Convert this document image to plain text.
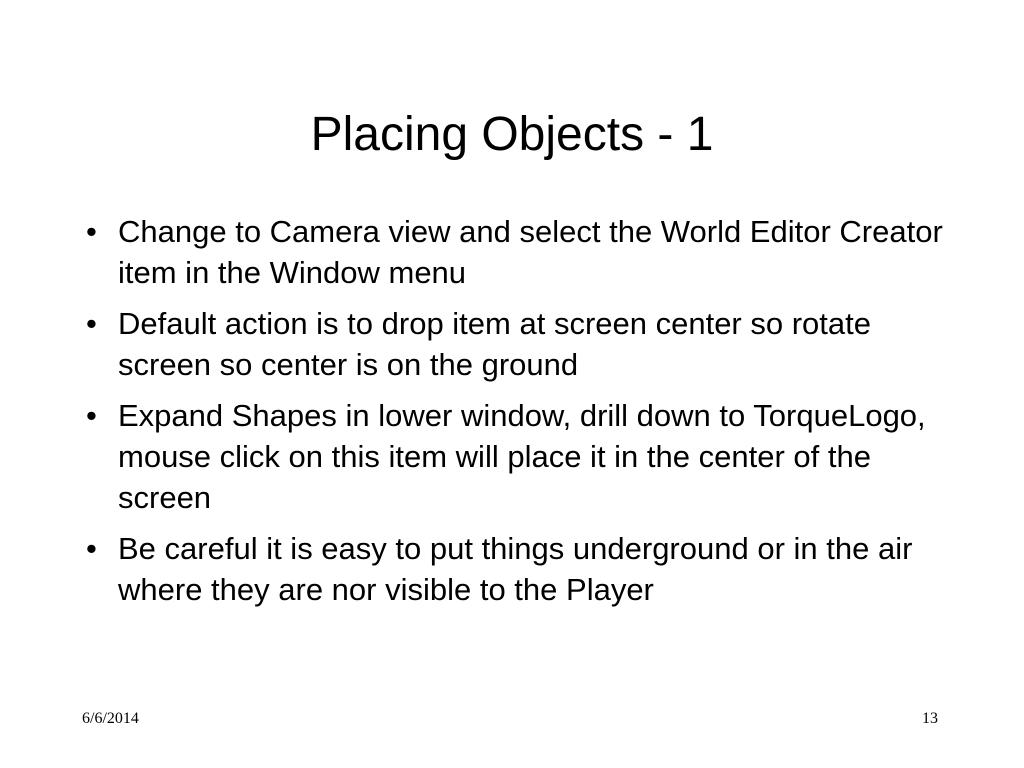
Placing Objects - 1
• Change to Camera view and select the World Editor Creator item in the Window menu
• Default action is to drop item at screen center so rotate screen so center is on the ground
• Expand Shapes in lower window, drill down to TorqueLogo, mouse click on this item will place it in the center of the screen
• Be careful it is easy to put things underground or in the air where they are nor visible to the Player
6/6/2014	13
